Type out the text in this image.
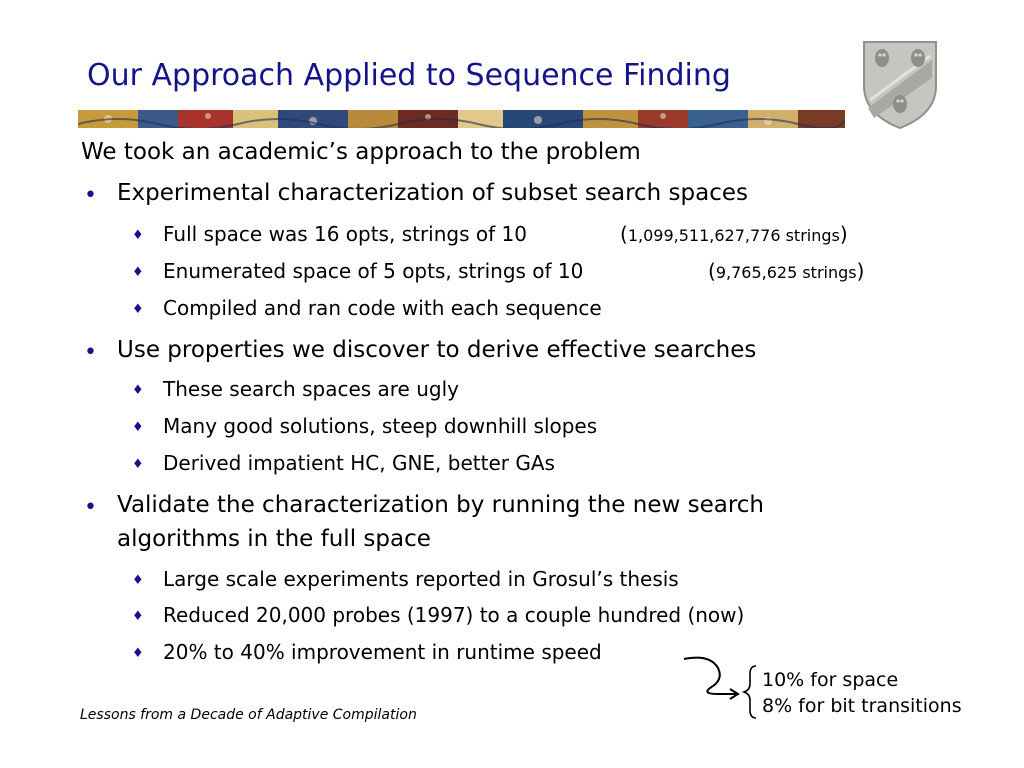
Our Approach Applied to Sequence Finding
We took an academic’s approach to the problem
• Experimental characterization of subset search spaces
♦ Full space was 16 opts, strings of 10	(1,099,511,627,776 strings)
♦ Enumerated space of 5 opts, strings of 10	(9,765,625 strings)
♦ Compiled and ran code with each sequence
• Use properties we discover to derive effective searches
♦ These search spaces are ugly
♦ Many good solutions, steep downhill slopes
♦ Derived impatient HC, GNE, better GAs
• Validate the characterization by running the new search
algorithms in the full space
♦ Large scale experiments reported in Grosul’s thesis
♦ Reduced 20,000 probes (1997) to a couple hundred (now)
♦ 20% to 40% improvement in runtime speed
10% for space
8% for bit transitions
Lessons from a Decade of Adaptive Compilation
